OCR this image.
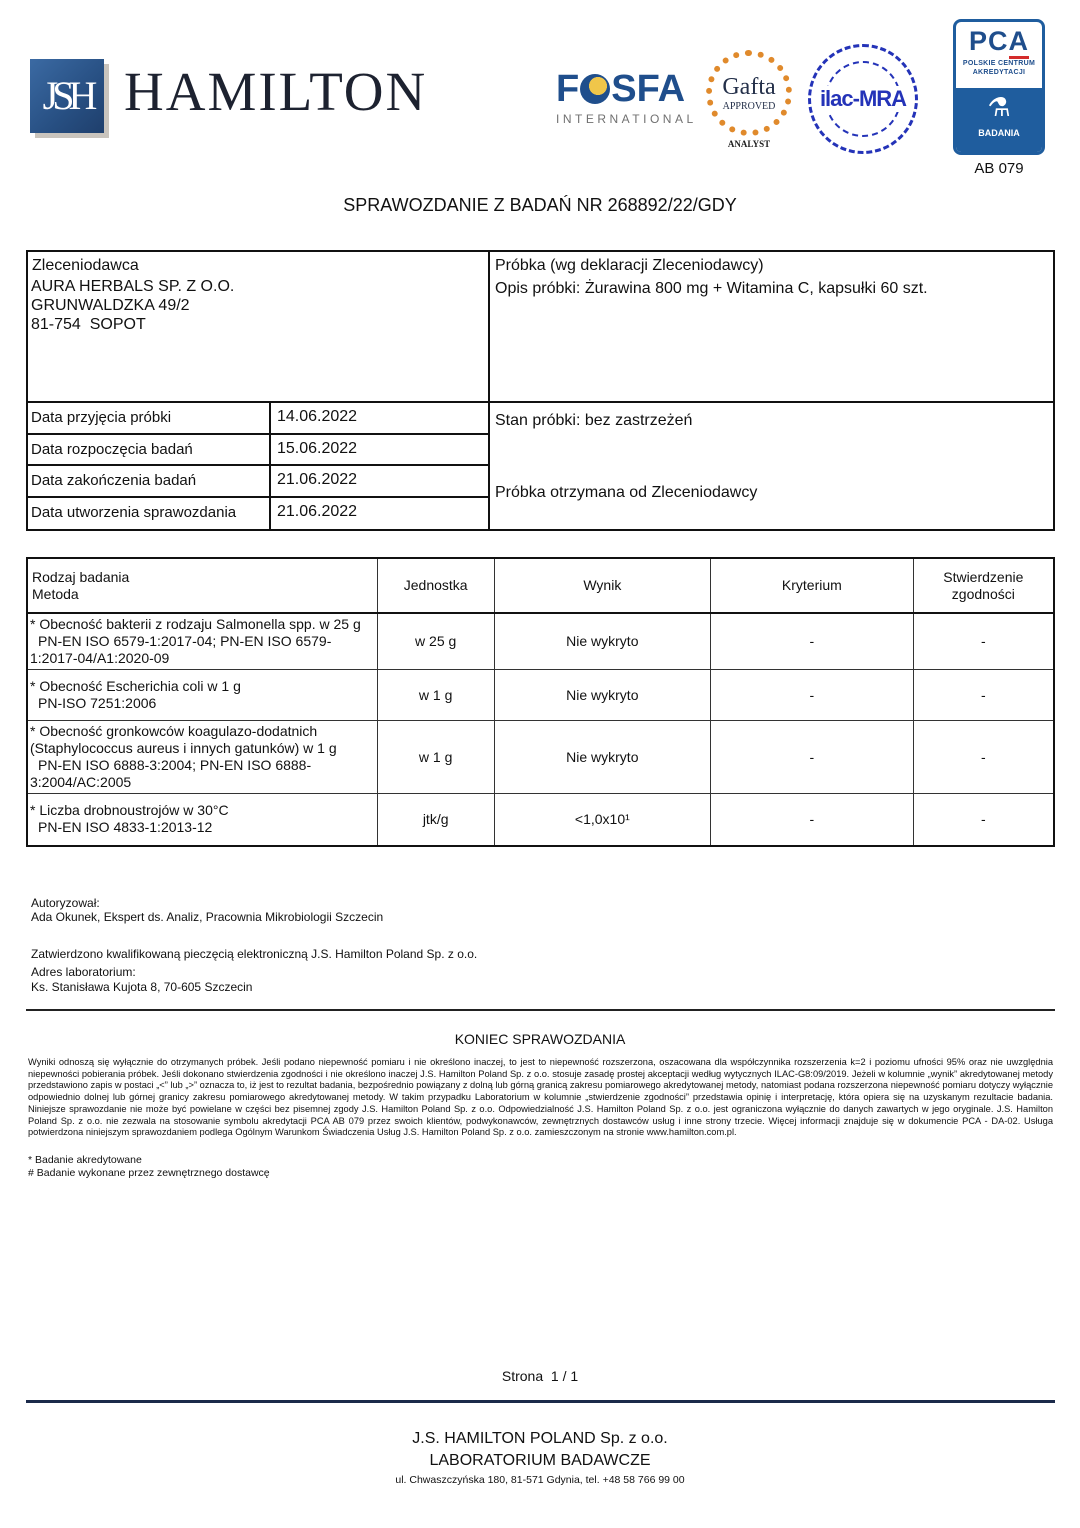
JSH HAMILTON	F SFA
INTERNATIONAL
Gafta
APPROVED
ANALYST
ilac-MRA
PCA
POLSKIE CENTRUM
AKREDYTACJI
⚗
BADANIA
AB 079
SPRAWOZDANIE Z BADAŃ NR 268892/22/GDY
Zleceniodawca
AURA HERBALS SP. Z O.O.
GRUNWALDZKA 49/2
81-754  SOPOT
Próbka (wg deklaracji Zleceniodawcy)
Opis próbki: Żurawina 800 mg + Witamina C, kapsułki 60 szt.
Stan próbki: bez zastrzeżeń
Próbka otrzymana od Zleceniodawcy
Data przyjęcia próbki	14.06.2022
Data rozpoczęcia badań	15.06.2022
Data zakończenia badań	21.06.2022
Data utworzenia sprawozdania	21.06.2022
Rodzaj badania
Metoda
	Jednostka	Wynik	Kryterium	
Stwierdzenie
zgodności

* Obecność bakterii z rodzaju Salmonella spp. w 25 g
PN-EN ISO 6579-1:2017-04; PN-EN ISO 6579-
1:2017-04/A1:2020-09	w 25 g	Nie wykryto	-	-

* Obecność Escherichia coli w 1 g
PN-ISO 7251:2006	w 1 g	Nie wykryto	-	-

* Obecność gronkowców koagulazo-dodatnich
(Staphylococcus aureus i innych gatunków) w 1 g
PN-EN ISO 6888-3:2004; PN-EN ISO 6888-
3:2004/AC:2005	w 1 g	Nie wykryto	-	-

* Liczba drobnoustrojów w 30°C
PN-EN ISO 4833-1:2013-12	jtk/g	<1,0x10¹	-	-
Autoryzował:
Ada Okunek, Ekspert ds. Analiz, Pracownia Mikrobiologii Szczecin
Zatwierdzono kwalifikowaną pieczęcią elektroniczną J.S. Hamilton Poland Sp. z o.o.
Adres laboratorium:
Ks. Stanisława Kujota 8, 70-605 Szczecin
KONIEC SPRAWOZDANIA
Wyniki odnoszą się wyłącznie do otrzymanych próbek. Jeśli podano niepewność pomiaru i nie określono inaczej, to jest to niepewność rozszerzona, oszacowana dla współczynnika rozszerzenia k=2 i poziomu ufności 95% oraz nie uwzględnia niepewności pobierania próbek. Jeśli dokonano stwierdzenia zgodności i nie określono inaczej J.S. Hamilton Poland Sp. z o.o. stosuje zasadę prostej akceptacji według wytycznych ILAC-G8:09/2019. Jeżeli w kolumnie „wynik” akredytowanej metody przedstawiono zapis w postaci „<” lub „>” oznacza to, iż jest to rezultat badania, bezpośrednio powiązany z dolną lub górną granicą zakresu pomiarowego akredytowanej metody, natomiast podana rozszerzona niepewność pomiaru dotyczy wyłącznie odpowiednio dolnej lub górnej granicy zakresu pomiarowego akredytowanej metody. W takim przypadku Laboratorium w kolumnie „stwierdzenie zgodności” przedstawia opinię i interpretację, która opiera się na uzyskanym rezultacie badania. Niniejsze sprawozdanie nie może być powielane w części bez pisemnej zgody J.S. Hamilton Poland Sp. z o.o. Odpowiedzialność J.S. Hamilton Poland Sp. z o.o. jest ograniczona wyłącznie do danych zawartych w jego oryginale. J.S. Hamilton Poland Sp. z o.o. nie zezwala na stosowanie symbolu akredytacji PCA AB 079 przez swoich klientów, podwykonawców, zewnętrznych dostawców usług i inne strony trzecie. Więcej informacji znajduje się w dokumencie PCA - DA-02. Usługa potwierdzona niniejszym sprawozdaniem podlega Ogólnym Warunkom Świadczenia Usług J.S. Hamilton Poland Sp. z o.o. zamieszczonym na stronie www.hamilton.com.pl.
* Badanie akredytowane
# Badanie wykonane przez zewnętrznego dostawcę
Strona  1 / 1
J.S. HAMILTON POLAND Sp. z o.o.
LABORATORIUM BADAWCZE
ul. Chwaszczyńska 180, 81-571 Gdynia, tel. +48 58 766 99 00
